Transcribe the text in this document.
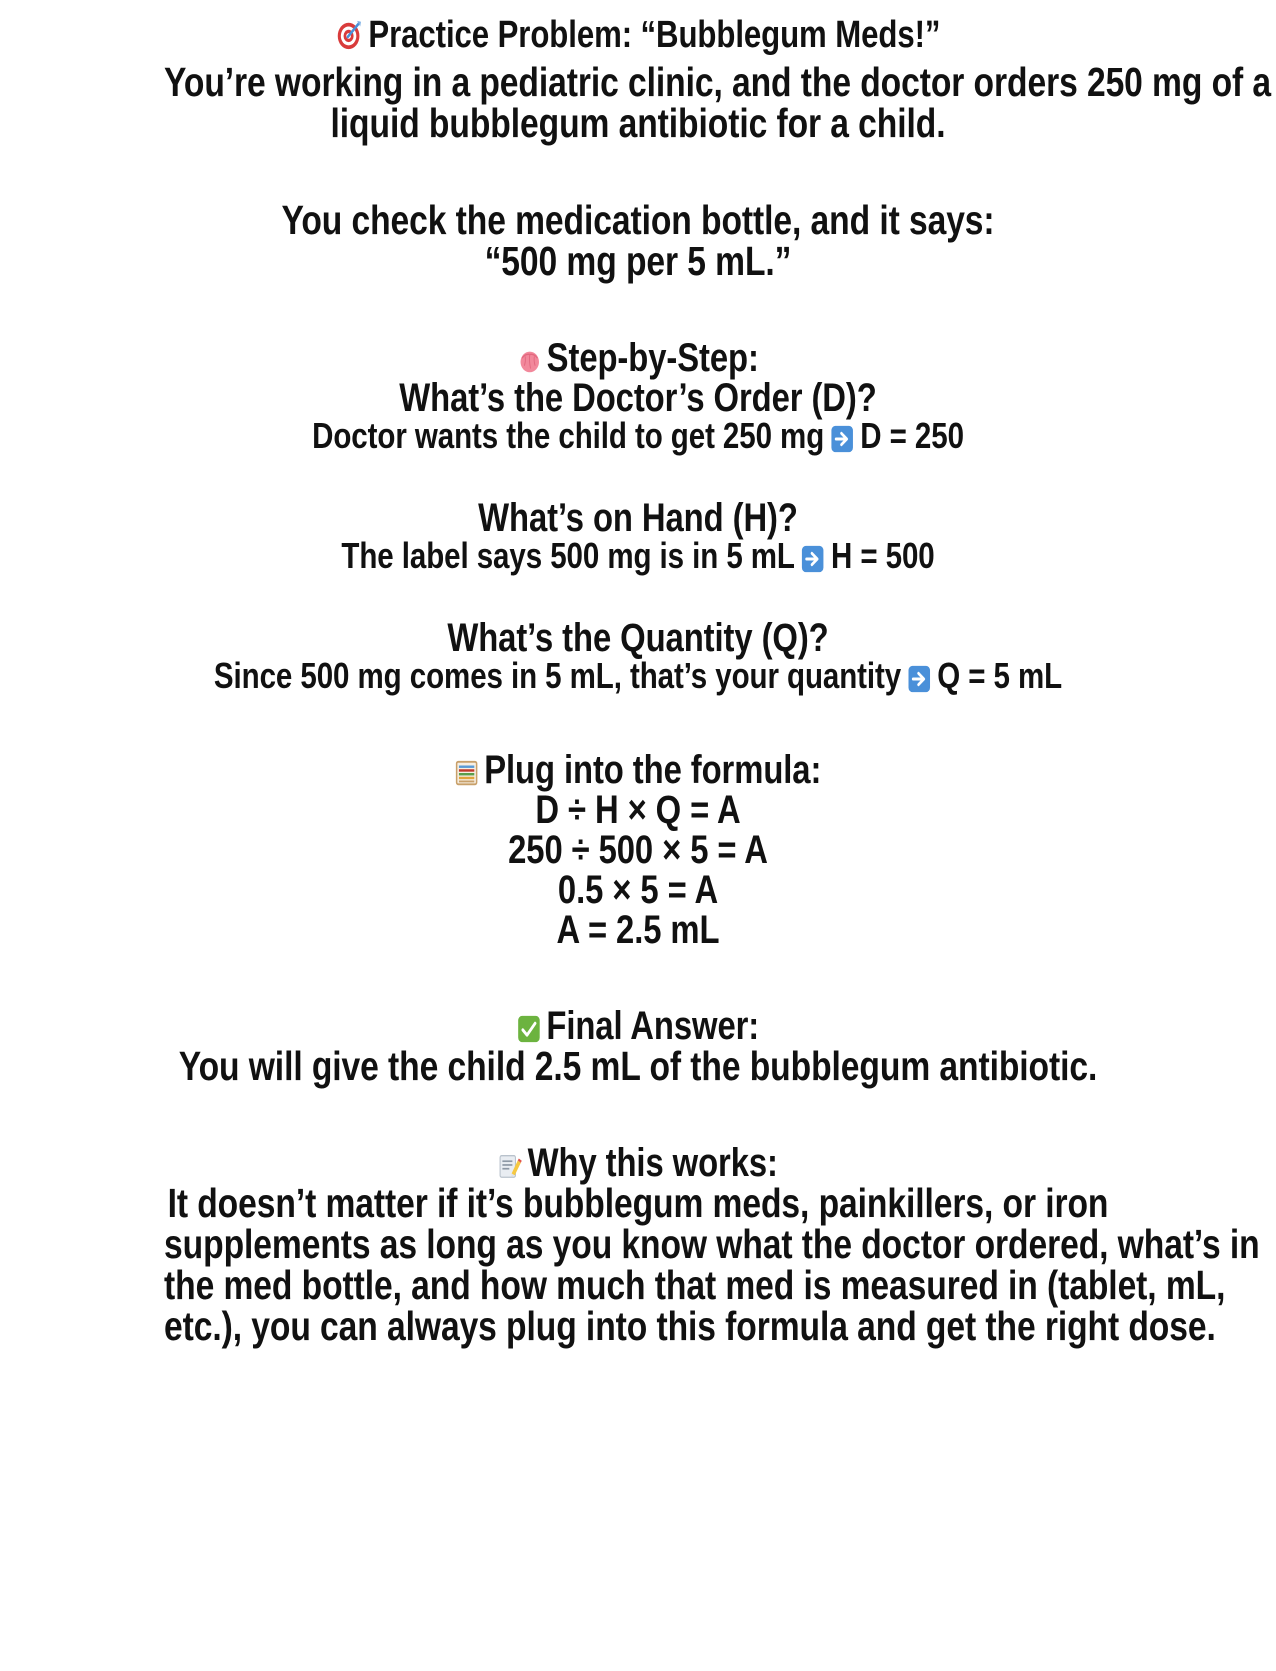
Practice Problem: “Bubblegum Meds!”
You’re working in a pediatric clinic, and the doctor orders 250 mg of a
liquid bubblegum antibiotic for a child.
You check the medication bottle, and it says:
“500 mg per 5 mL.”
Step-by-Step:
What’s the Doctor’s Order (D)?
Doctor wants the child to get 250 mg D = 250
What’s on Hand (H)?
The label says 500 mg is in 5 mL H = 500
What’s the Quantity (Q)?
Since 500 mg comes in 5 mL, that’s your quantity Q = 5 mL
Plug into the formula:
D ÷ H × Q = A
250 ÷ 500 × 5 = A
0.5 × 5 = A
A = 2.5 mL
Final Answer:
You will give the child 2.5 mL of the bubblegum antibiotic.
Why this works:
It doesn’t matter if it’s bubblegum meds, painkillers, or iron
supplements as long as you know what the doctor ordered, what’s in
the med bottle, and how much that med is measured in (tablet, mL,
etc.), you can always plug into this formula and get the right dose.
